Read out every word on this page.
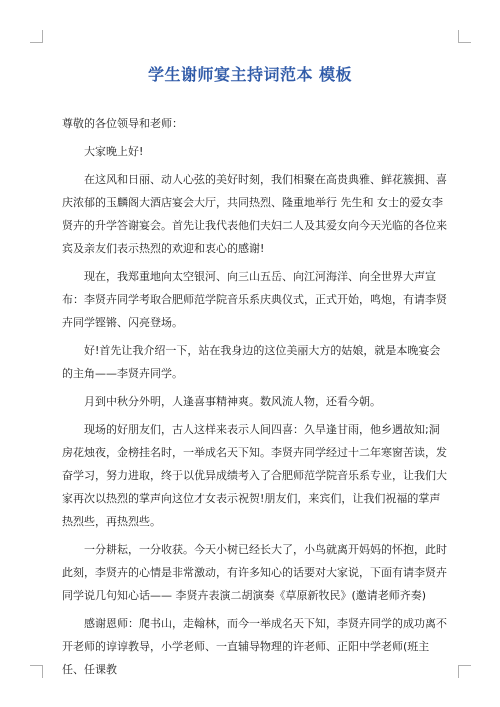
学生谢师宴主持词范本 模板

尊敬的各位领导和老师：

大家晚上好!

在这风和日丽、动人心弦的美好时刻，我们相聚在高贵典雅、鲜花簇拥、喜庆浓郁的玉麟阁大酒店宴会大厅，共同热烈、隆重地举行 先生和 女士的爱女李贤卉的升学答谢宴会。首先让我代表他们夫妇二人及其爱女向今天光临的各位来宾及亲友们表示热烈的欢迎和衷心的感谢!

现在，我郑重地向太空银河、向三山五岳、向江河海洋、向全世界大声宣布：李贤卉同学考取合肥师范学院音乐系庆典仪式，正式开始，鸣炮，有请李贤卉同学铿锵、闪亮登场。

好!首先让我介绍一下，站在我身边的这位美丽大方的姑娘，就是本晚宴会的主角——李贤卉同学。

月到中秋分外明，人逢喜事精神爽。数风流人物，还看今朝。

现场的好朋友们，古人这样来表示人间四喜：久旱逢甘雨，他乡遇故知;洞房花烛夜，金榜挂名时，一举成名天下知。李贤卉同学经过十二年寒窗苦读，发奋学习，努力进取，终于以优异成绩考入了合肥师范学院音乐系专业，让我们大家再次以热烈的掌声向这位才女表示祝贺!朋友们，来宾们，让我们祝福的掌声热烈些，再热烈些。

一分耕耘，一分收获。今天小树已经长大了，小鸟就离开妈妈的怀抱，此时此刻，李贤卉的心情是非常激动，有许多知心的话要对大家说，下面有请李贤卉同学说几句知心话—— 李贤卉表演二胡演奏《草原新牧民》(邀请老师齐奏)

感谢恩师：爬书山，走翰林，而今一举成名天下知，李贤卉同学的成功离不开老师的谆谆教导，小学老师、一直辅导物理的许老师、正阳中学老师(班主任、任课教
